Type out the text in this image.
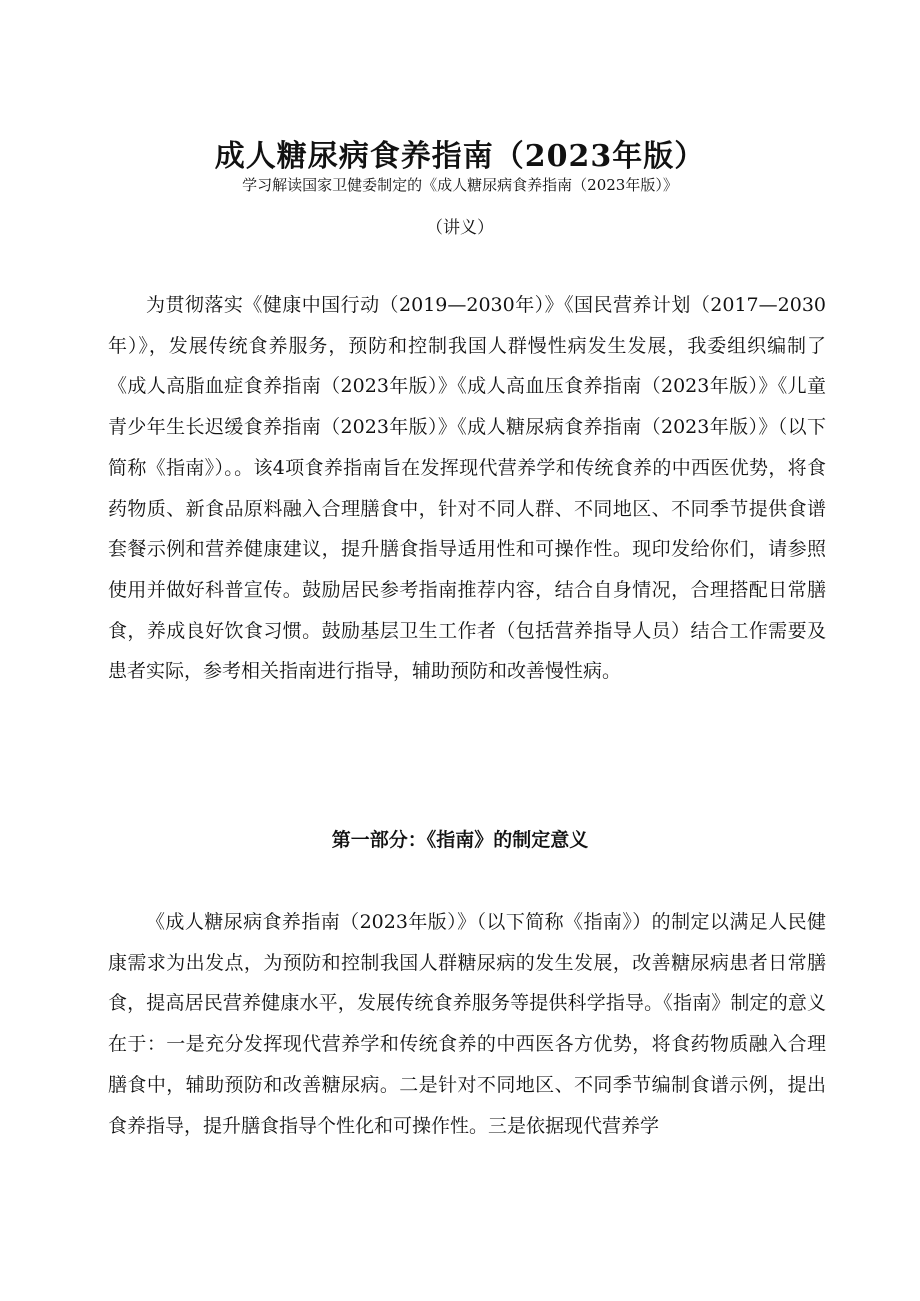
成人糖尿病食养指南（2023年版）
学习解读国家卫健委制定的《成人糖尿病食养指南（2023年版）》
（讲义）

为贯彻落实《健康中国行动（2019—2030年）》《国民营养计划（2017—2030年）》，发展传统食养服务，预防和控制我国人群慢性病发生发展，我委组织编制了《成人高脂血症食养指南（2023年版）》《成人高血压食养指南（2023年版）》《儿童青少年生长迟缓食养指南（2023年版）》《成人糖尿病食养指南（2023年版）》（以下简称《指南》）。。该4项食养指南旨在发挥现代营养学和传统食养的中西医优势，将食药物质、新食品原料融入合理膳食中，针对不同人群、不同地区、不同季节提供食谱套餐示例和营养健康建议，提升膳食指导适用性和可操作性。现印发给你们，请参照使用并做好科普宣传。鼓励居民参考指南推荐内容，结合自身情况，合理搭配日常膳食，养成良好饮食习惯。鼓励基层卫生工作者（包括营养指导人员）结合工作需要及患者实际，参考相关指南进行指导，辅助预防和改善慢性病。

第一部分：《指南》的制定意义

《成人糖尿病食养指南（2023年版）》（以下简称《指南》）的制定以满足人民健康需求为出发点，为预防和控制我国人群糖尿病的发生发展，改善糖尿病患者日常膳食，提高居民营养健康水平，发展传统食养服务等提供科学指导。《指南》制定的意义在于：一是充分发挥现代营养学和传统食养的中西医各方优势，将食药物质融入合理膳食中，辅助预防和改善糖尿病。二是针对不同地区、不同季节编制食谱示例，提出食养指导，提升膳食指导个性化和可操作性。三是依据现代营养学
